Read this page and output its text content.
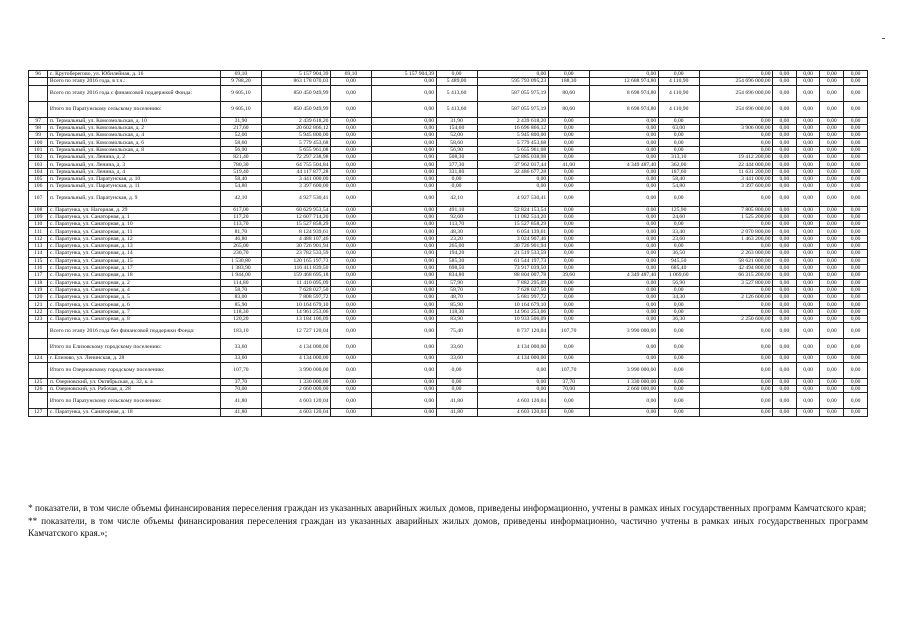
96	с. Крутоберегово, ул. Юбилейная, д. 16	69,10	5 157 904,39	69,10	5 157 904,39	0,00	0,00	0,00	0,00	0,00	0,00	0,00	0,00	0,00	0,00
	Всего по этапу 2016 года, в т.ч.:	9 788,20	863 178 070,03	0,00	0,00	5 489,00	595 793 095,23	188,30	12 688 974,80	4 110,90	254 696 000,00	0,00	0,00	0,00	0,00
	Всего по этапу 2016 года с финансовой поддержкой Фонда:	9 605,10	850 450 949,99	0,00	0,00	5 413,60	587 055 975,19	80,60	8 698 974,80	4 110,90	254 696 000,00	0,00	0,00	0,00	0,00
	Итого по Паратунскому сельскому поселению:	9 605,10	850 450 949,99	0,00	0,00	5 413,60	587 055 975,19	80,60	8 698 974,80	4 110,90	254 696 000,00	0,00	0,00	0,00	0,00
97	п. Термальный, ул. Комсомольская, д. 10	31,90	2 439 618,20	0,00	0,00	31,90	2 439 618,20	0,00	0,00	0,00	0,00	0,00	0,00	0,00	0,00
98	п. Термальный, ул. Комсомольская, д. 2	217,60	20 602 866,12	0,00	0,00	154,60	16 696 866,12	0,00	0,00	63,00	3 906 000,00	0,00	0,00	0,00	0,00
99	п. Термальный, ул. Комсомольская, д. 4	52,00	5 945 800,00	0,00	0,00	52,00	5 945 800,00	0,00	0,00	0,00	0,00	0,00	0,00	0,00	0,00
100	п. Термальный, ул. Комсомольская, д. 6	58,60	5 779 453,68	0,00	0,00	58,60	5 779 453,68	0,00	0,00	0,00	0,00	0,00	0,00	0,00	0,00
101	п. Термальный, ул. Комсомольская, д. 8	56,90	5 655 961,08	0,00	0,00	56,90	5 655 961,08	0,00	0,00	0,00	0,00	0,00	0,00	0,00	0,00
102	п. Термальный, ул. Ленина, д. 2	821,40	72 297 238,98	0,00	0,00	508,30	52 885 038,98	0,00	0,00	313,10	19 412 200,00	0,00	0,00	0,00	0,00
103	п. Термальный, ул. Ленина, д. 3	780,30	64 755 504,84	0,00	0,00	377,30	37 962 017,44	41,00	4 349 487,40	362,00	22 444 000,00	0,00	0,00	0,00	0,00
104	п. Термальный, ул. Ленина, д. 4	519,40	44 117 877,28	0,00	0,00	331,80	32 486 677,28	0,00	0,00	187,60	11 631 200,00	0,00	0,00	0,00	0,00
105	п. Термальный, ул. Паратунская, д. 10	58,40	3 441 000,00	0,00	0,00	0,00	0,00	0,00	0,00	58,40	3 441 000,00	0,00	0,00	0,00	0,00
106	п. Термальный, ул. Паратунская, д. 11	54,80	3 397 600,00	0,00	0,00	0,00	0,00	0,00	0,00	54,80	3 397 600,00	0,00	0,00	0,00	0,00
107	п. Термальный, ул. Паратунская, д. 9	42,10	4 927 530,41	0,00	0,00	42,10	4 927 530,41	0,00	0,00	0,00	0,00	0,00	0,00	0,00	0,00
108	с. Паратунка, ул. Нагорная, д. 29	617,00	60 629 953,54	0,00	0,00	491,10	52 824 153,54	0,00	0,00	125,90	7 805 800,00	0,00	0,00	0,00	0,00
109	с. Паратунка, ул. Санаторная, д. 1	117,20	12 607 714,20	0,00	0,00	92,60	11 082 514,20	0,00	0,00	24,60	1 525 200,00	0,00	0,00	0,00	0,00
110	с. Паратунка, ул. Санаторная, д. 10	113,70	15 527 858,29	0,00	0,00	113,70	15 527 858,29	0,00	0,00	0,00	0,00	0,00	0,00	0,00	0,00
111	с. Паратунка, ул. Санаторная, д. 11	81,70	8 124 939,61	0,00	0,00	48,30	6 054 139,61	0,00	0,00	33,40	2 070 800,00	0,00	0,00	0,00	0,00
112	с. Паратунка, ул. Санаторная, д. 12	46,80	4 488 107,46	0,00	0,00	23,20	3 024 907,46	0,00	0,00	23,60	1 463 200,00	0,00	0,00	0,00	0,00
113	с. Паратунка, ул. Санаторная, д. 13	265,00	30 726 901,94	0,00	0,00	265,00	30 726 901,94	0,00	0,00	0,00	0,00	0,00	0,00	0,00	0,00
114	с. Паратунка, ул. Санаторная, д. 14	230,70	23 782 533,59	0,00	0,00	194,20	21 519 533,59	0,00	0,00	36,50	2 263 000,00	0,00	0,00	0,00	0,00
115	с. Паратунка, ул. Санаторная, д. 15	1 530,80	120 165 197,73	0,00	0,00	585,30	61 544 197,73	0,00	0,00	945,50	58 621 000,00	0,00	0,00	0,00	0,00
116	с. Паратунка, ул. Санаторная, д. 17	1 383,90	116 411 839,50	0,00	0,00	698,50	73 917 039,50	0,00	0,00	685,40	42 494 800,00	0,00	0,00	0,00	0,00
117	с. Паратунка, ул. Санаторная, д. 18	1 944,00	159 468 695,18	0,00	0,00	834,80	88 804 007,78	39,60	4 349 487,40	1 069,60	66 315 200,00	0,00	0,00	0,00	0,00
118	с. Паратунка, ул. Санаторная, д. 2	114,80	11 410 095,09	0,00	0,00	57,90	7 882 295,09	0,00	0,00	56,90	3 527 800,00	0,00	0,00	0,00	0,00
119	с. Паратунка, ул. Санаторная, д. 4	58,70	7 628 027,50	0,00	0,00	58,70	7 628 027,50	0,00	0,00	0,00	0,00	0,00	0,00	0,00	0,00
120	с. Паратунка, ул. Санаторная, д. 5	83,00	7 808 597,72	0,00	0,00	48,70	5 681 997,72	0,00	0,00	34,30	2 126 600,00	0,00	0,00	0,00	0,00
121	с. Паратунка, ул. Санаторная, д. 6	85,90	10 164 679,10	0,00	0,00	85,90	10 164 679,10	0,00	0,00	0,00	0,00	0,00	0,00	0,00	0,00
122	с. Паратунка, ул. Санаторная, д. 7	118,30	14 961 253,06	0,00	0,00	118,30	14 961 253,06	0,00	0,00	0,00	0,00	0,00	0,00	0,00	0,00
123	с. Паратунка, ул. Санаторная, д. 8	120,20	13 184 106,09	0,00	0,00	83,90	10 933 506,09	0,00	0,00	36,30	2 250 600,00	0,00	0,00	0,00	0,00
	Всего по этапу 2016 года без финансовой поддержки Фонда:	183,10	12 727 120,04	0,00	0,00	75,40	8 737 120,04	107,70	3 990 000,00	0,00	0,00	0,00	0,00	0,00	0,00
	Итого по Елизовскому городскому поселению:	33,60	4 134 000,00	0,00	0,00	33,60	4 134 000,00	0,00	0,00	0,00	0,00	0,00	0,00	0,00	0,00
124	г. Елизово, ул. Ленинская, д. 28	33,60	4 134 000,00	0,00	0,00	33,60	4 134 000,00	0,00	0,00	0,00	0,00	0,00	0,00	0,00	0,00
	Итого по Озерновскому городскому поселению:	107,70	3 990 000,00	0,00	0,00	0,00	0,00	107,70	3 990 000,00	0,00	0,00	0,00	0,00	0,00	0,00
125	п. Озерновский, ул. Октябрьская, д. 32, к. а	37,70	1 330 000,00	0,00	0,00	0,00	0,00	37,70	1 330 000,00	0,00	0,00	0,00	0,00	0,00	0,00
126	п. Озерновский, ул. Рабочая, д. 28	70,00	2 660 000,00	0,00	0,00	0,00	0,00	70,00	2 660 000,00	0,00	0,00	0,00	0,00	0,00	0,00
	Итого по Паратунскому сельскому поселению:	41,80	4 603 120,04	0,00	0,00	41,80	4 603 120,04	0,00	0,00	0,00	0,00	0,00	0,00	0,00	0,00
127	с. Паратунка, ул. Санаторная, д. 18	41,80	4 603 120,04	0,00	0,00	41,80	4 603 120,04	0,00	0,00	0,00	0,00	0,00	0,00	0,00	0,00

* показатели, в том числе объемы финансирования переселения граждан из указанных аварийных жилых домов, приведены информационно, учтены в рамках иных государственных программ Камчатского края;

** показатели, в том числе объемы финансирования переселения граждан из указанных аварийных жилых домов, приведены информационно, частично учтены в рамках иных государственных программ Камчатского края.»;
